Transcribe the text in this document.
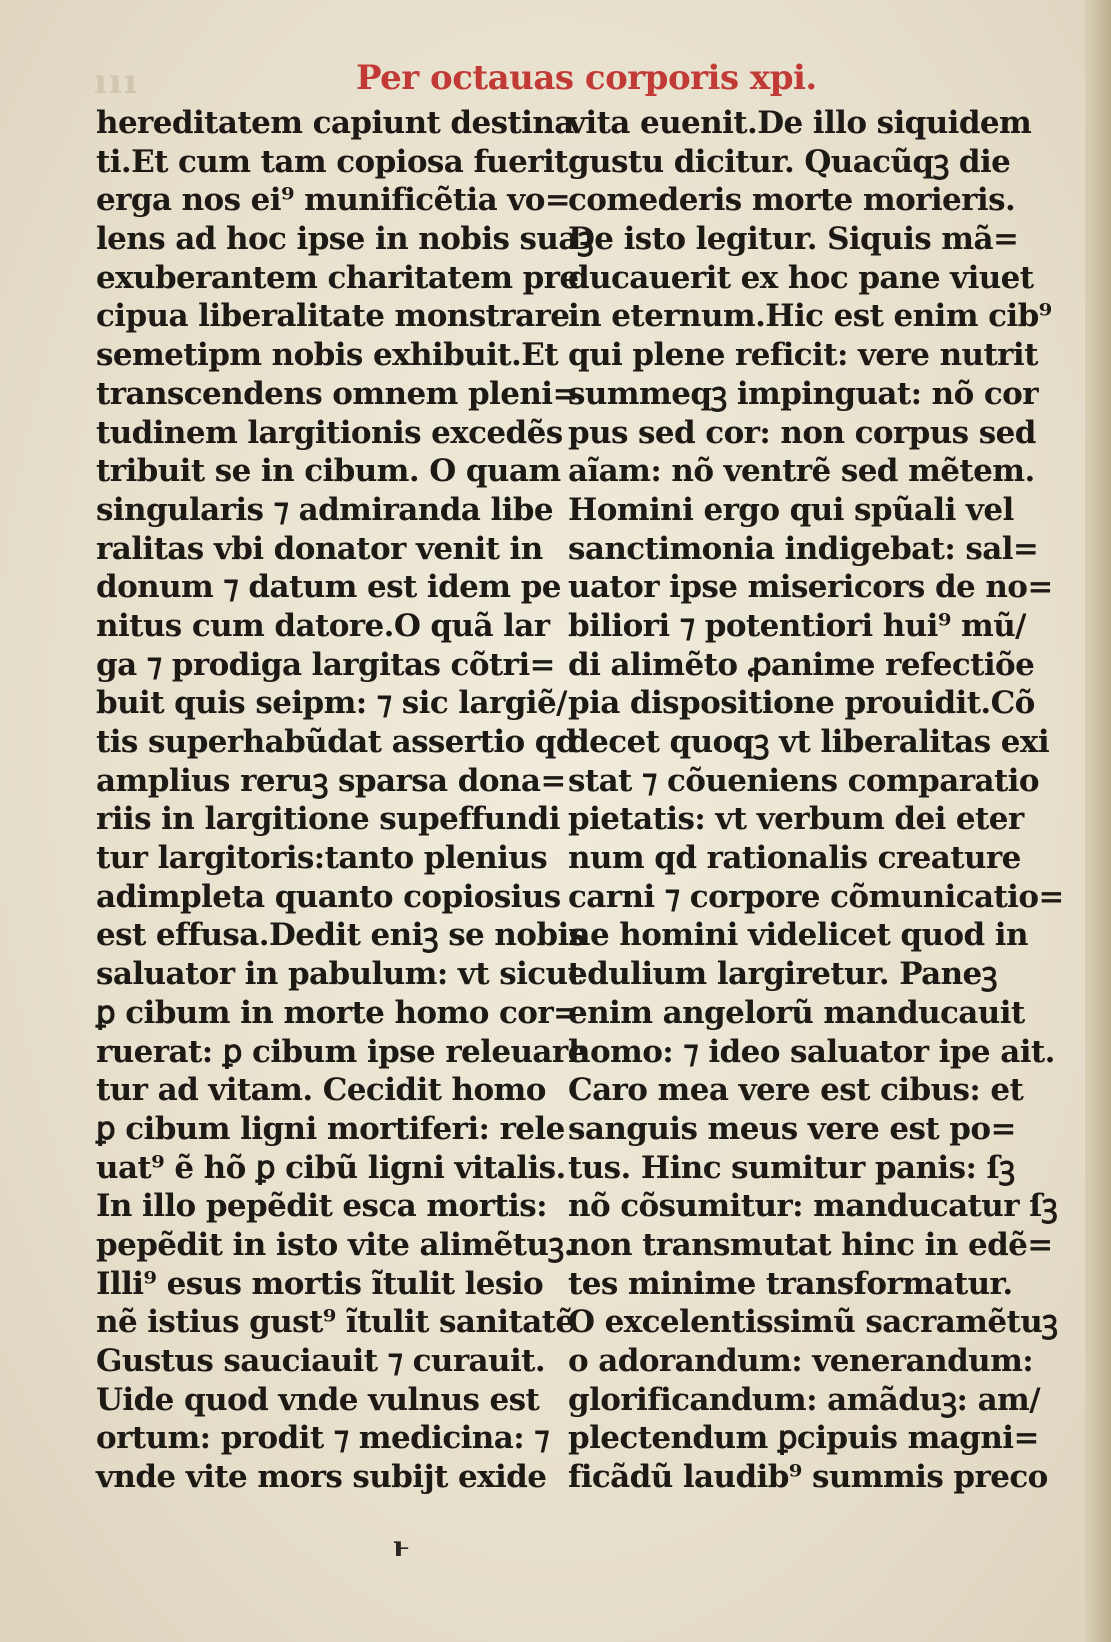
ııı	Per octauas corporis xpi.
hereditatem capiunt destina
ti.Et cum tam copiosa fuerit
erga nos ei⁹ munificẽtia vo=
lens ad hoc ipse in nobis suaꝫ
exuberantem charitatem pre
cipua liberalitate monstrare
semetipm nobis exhibuit.Et
transcendens omnem pleni=
tudinem largitionis excedẽs
tribuit se in cibum. O quam
singularis ⁊ admiranda libe
ralitas vbi donator venit in
donum ⁊ datum est idem pe
nitus cum datore.O quã lar
ga ⁊ prodiga largitas cõtri=
buit quis seipm: ⁊ sic largiẽ/
tis superhabũdat assertio qd
amplius reruꝫ sparsa dona=
riis in largitione supeffundi
tur largitoris:tanto plenius
adimpleta quanto copiosius
est effusa.Dedit eniꝫ se nobis
saluator in pabulum: vt sicut
ꝑ cibum in morte homo cor=
ruerat: ꝑ cibum ipse releuare
tur ad vitam. Cecidit homo
ꝑ cibum ligni mortiferi: rele
uat⁹ ẽ hõ ꝑ cibũ ligni vitalis.
In illo pepẽdit esca mortis:
pepẽdit in isto vite alimẽtuꝫ.
Illi⁹ esus mortis ĩtulit lesio
nẽ istius gust⁹ ĩtulit sanitatẽ
Gustus sauciauit ⁊ curauit.
Uide quod vnde vulnus est
ortum: prodit ⁊ medicina: ⁊
vnde vite mors subijt exide
vita euenit.De illo siquidem
gustu dicitur. Quacũqꝫ die
comederis morte morieris.
De isto legitur. Siquis mã=
ducauerit ex hoc pane viuet
in eternum.Hic est enim cib⁹
qui plene reficit: vere nutrit
summeqꝫ impinguat: nõ cor
pus sed cor: non corpus sed
aĩam: nõ ventrẽ sed mẽtem.
Homini ergo qui spũali vel
sanctimonia indigebat: sal=
uator ipse misericors de no=
biliori ⁊ potentiori hui⁹ mũ/
di alimẽto ꝓanime refectiõe
pia dispositione prouidit.Cõ
decet quoqꝫ vt liberalitas exi
stat ⁊ cõueniens comparatio
pietatis: vt verbum dei eter
num qd rationalis creature
carni ⁊ corpore cõmunicatio=
ne homini videlicet quod in
edulium largiretur. Paneꝫ
enim angelorũ manducauit
homo: ⁊ ideo saluator ipe ait.
Caro mea vere est cibus: et
sanguis meus vere est po=
tus. Hinc sumitur panis: ſꝫ
nõ cõsumitur: manducatur ſꝫ
non transmutat hinc in edẽ=
tes minime transformatur.
O excelentissimũ sacramẽtuꝫ
o adorandum: venerandum:
glorificandum: amãduꝫ: am/
plectendum ꝑcipuis magni=
ficãdũ laudib⁹ summis preco
ͱ
